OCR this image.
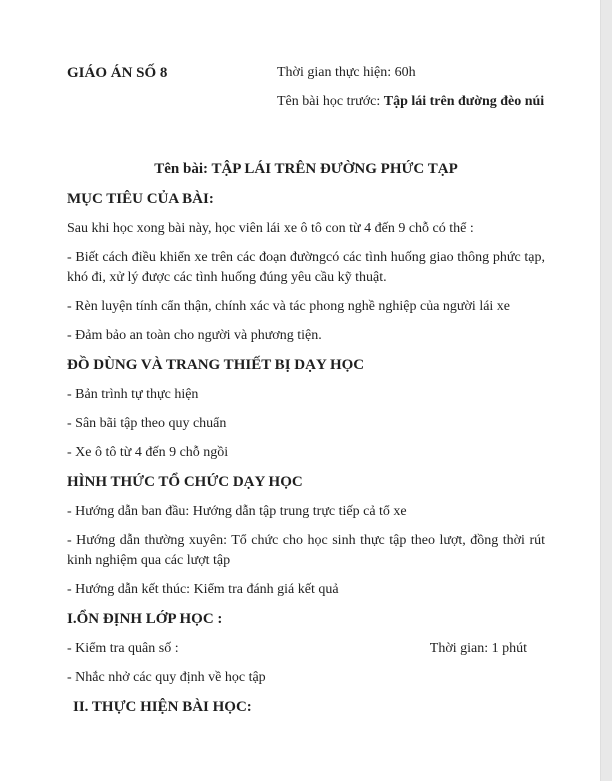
GIÁO ÁN SỐ 8	Thời gian thực hiện: 60h

Tên bài học trước: Tập lái trên đường đèo núi

Tên bài: TẬP LÁI TRÊN ĐƯỜNG PHỨC TẠP
MỤC TIÊU CỦA BÀI:

Sau khi học xong bài này, học viên lái xe ô tô con từ 4 đến 9 chỗ có thể :

- Biết cách điều khiển xe trên các đoạn đườngcó các tình huống giao thông phức tạp, khó đi, xử lý được các tình huống đúng yêu cầu kỹ thuật.

- Rèn luyện tính cẩn thận, chính xác và tác phong nghề nghiệp của người lái xe

- Đảm bảo an toàn cho người và phương tiện.

ĐỒ DÙNG VÀ TRANG THIẾT BỊ DẠY HỌC

- Bản trình tự thực hiện

- Sân bãi tập theo quy chuẩn

- Xe ô tô từ 4 đến 9 chỗ ngồi

HÌNH THỨC TỔ CHỨC DẠY HỌC

- Hướng dẫn ban đầu: Hướng dẫn tập trung trực tiếp cả tổ xe

- Hướng dẫn thường xuyên: Tổ chức cho học sinh thực tập theo lượt, đồng thời rút kinh nghiệm qua các lượt tập

- Hướng dẫn kết thúc: Kiểm tra đánh giá kết quả

I.ỔN ĐỊNH LỚP HỌC :

- Kiểm tra quân số :	Thời gian: 1 phút

- Nhắc nhở các quy định về học tập

II. THỰC HIỆN BÀI HỌC:
